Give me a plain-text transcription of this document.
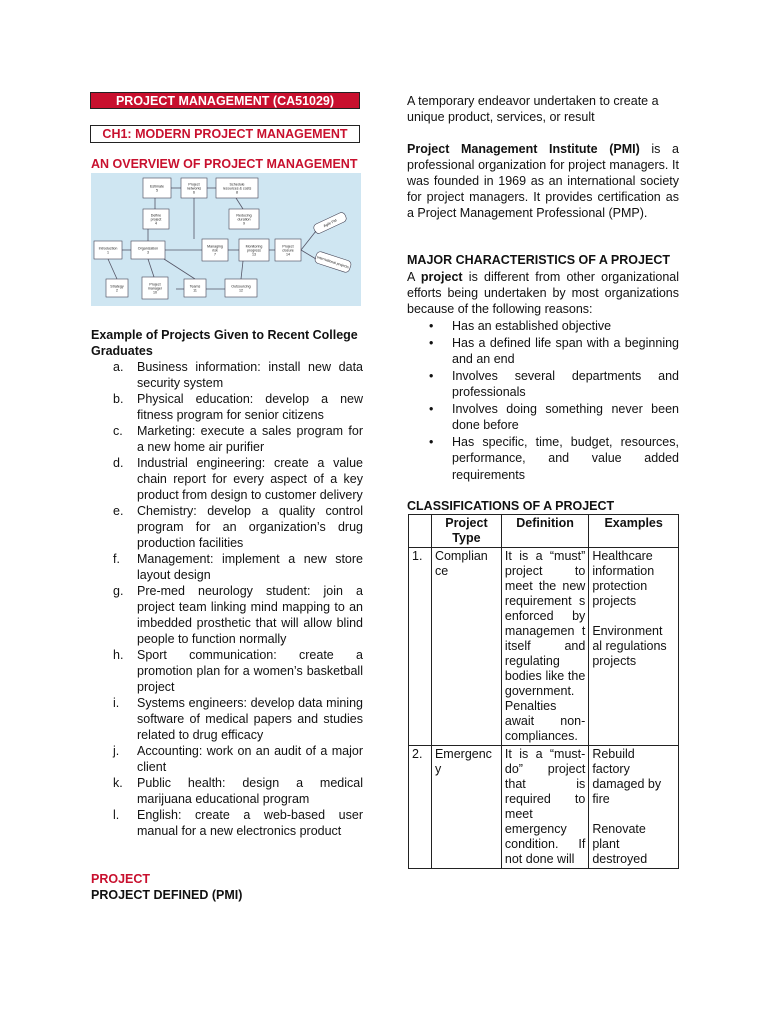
PROJECT MANAGEMENT (CA51029)
CH1: MODERN PROJECT MANAGEMENT
AN OVERVIEW OF PROJECT MANAGEMENT
Estimate 5
Project networks 6
Schedule resources & costs 8
Define project 4
Reducing duration 9
Introduction 1
Organization 3
Managing risk 7
Monitoring progress 13
Project closure 14
Strategy 2
Project manager 10
Teams 11
Outsourcing 12
Agile PM
International projects
Example of Projects Given to Recent College Graduates
a. Business information: install new data security system
b. Physical education: develop a new fitness program for senior citizens
c. Marketing: execute a sales program for a new home air purifier
d. Industrial engineering: create a value chain report for every aspect of a key product from design to customer delivery
e. Chemistry: develop a quality control program for an organization’s drug production facilities
f. Management: implement a new store layout design
g. Pre-med neurology student: join a project team linking mind mapping to an imbedded prosthetic that will allow blind people to function normally
h. Sport communication: create a promotion plan for a women’s basketball project
i. Systems engineers: develop data mining software of medical papers and studies related to drug efficacy
j. Accounting: work on an audit of a major client
k. Public health: design a medical marijuana educational program
l. English: create a web-based user manual for a new electronics product
PROJECT
PROJECT DEFINED (PMI)
A temporary endeavor undertaken to create a unique product, services, or result
Project Management Institute (PMI) is a professional organization for project managers. It was founded in 1969 as an international society for project managers. It provides certification as a Project Management Professional (PMP).
MAJOR CHARACTERISTICS OF A PROJECT
A project is different from other organizational efforts being undertaken by most organizations because of the following reasons:
• Has an established objective
• Has a defined life span with a beginning and an end
• Involves several departments and professionals
• Involves doing something never been done before
• Has specific, time, budget, resources, performance, and value added requirements
CLASSIFICATIONS OF A PROJECT
	Project Type	Definition	Examples
1.	Complian ce	It is a “must” project to meet the new requirement s enforced by managemen t itself and regulating bodies like the government. Penalties await non-compliances.	Healthcare information protection projects
Environment al regulations projects

2.	Emergenc y	It is a “must-do” project that is required to meet emergency condition. If not done will	Rebuild factory damaged by fire
Renovate plant destroyed
